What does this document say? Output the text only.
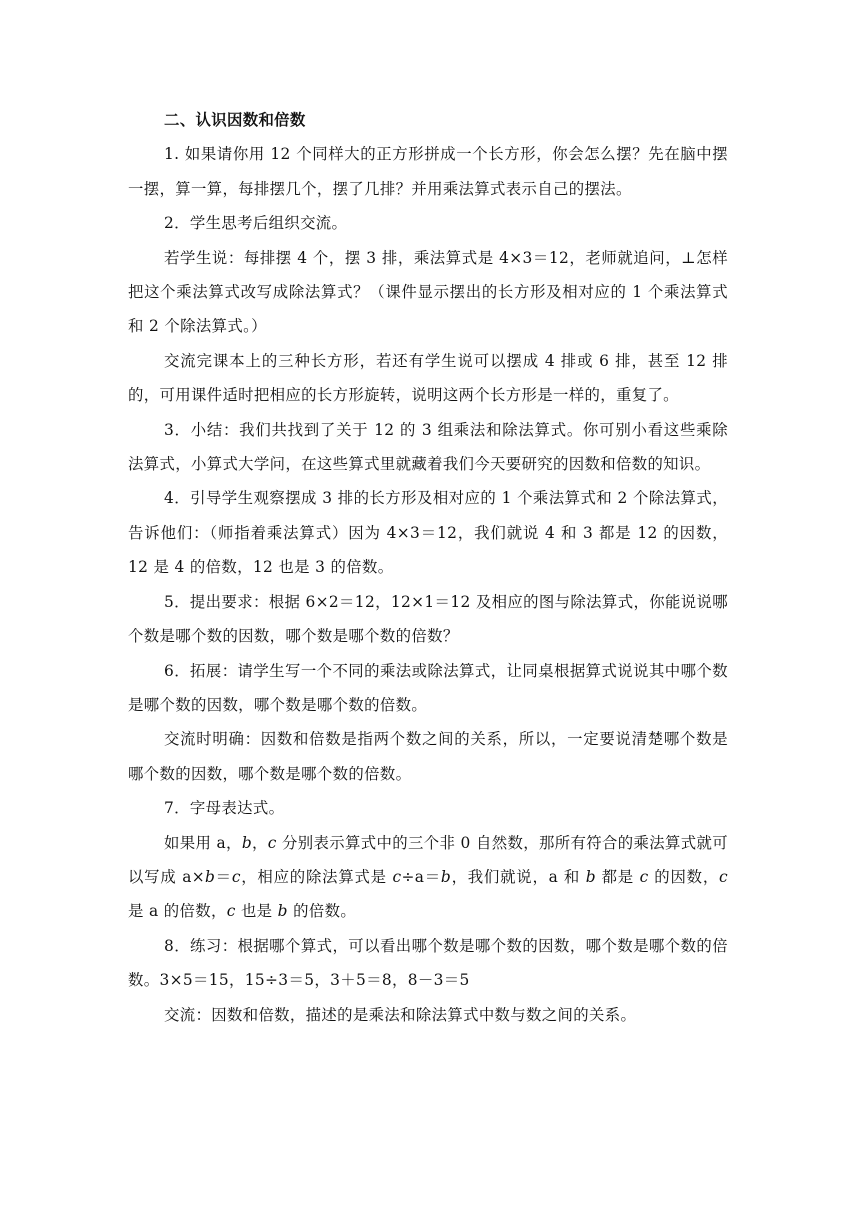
二、认识因数和倍数

1. 如果请你用 12 个同样大的正方形拼成一个长方形，你会怎么摆？先在脑中摆一摆，算一算，每排摆几个，摆了几排？并用乘法算式表示自己的摆法。

2．学生思考后组织交流。

若学生说：每排摆 4 个，摆 3 排，乘法算式是 4×3＝12，老师就追问，⊥怎样把这个乘法算式改写成除法算式？（课件显示摆出的长方形及相对应的 1 个乘法算式和 2 个除法算式。）

交流完课本上的三种长方形，若还有学生说可以摆成 4 排或 6 排，甚至 12 排的，可用课件适时把相应的长方形旋转，说明这两个长方形是一样的，重复了。

3．小结：我们共找到了关于 12 的 3 组乘法和除法算式。你可别小看这些乘除法算式，小算式大学问，在这些算式里就藏着我们今天要研究的因数和倍数的知识。

4．引导学生观察摆成 3 排的长方形及相对应的 1 个乘法算式和 2 个除法算式，告诉他们：（师指着乘法算式）因为 4×3＝12，我们就说 4 和 3 都是 12 的因数，12 是 4 的倍数，12 也是 3 的倍数。

5．提出要求：根据 6×2＝12，12×1＝12 及相应的图与除法算式，你能说说哪个数是哪个数的因数，哪个数是哪个数的倍数？

6．拓展：请学生写一个不同的乘法或除法算式，让同桌根据算式说说其中哪个数是哪个数的因数，哪个数是哪个数的倍数。

交流时明确：因数和倍数是指两个数之间的关系，所以，一定要说清楚哪个数是哪个数的因数，哪个数是哪个数的倍数。

7．字母表达式。

如果用 a，b，c 分别表示算式中的三个非 0 自然数，那所有符合的乘法算式就可以写成 a×b＝c，相应的除法算式是 c÷a＝b，我们就说，a 和 b 都是 c 的因数，c 是 a 的倍数，c 也是 b 的倍数。

8．练习：根据哪个算式，可以看出哪个数是哪个数的因数，哪个数是哪个数的倍数。3×5＝15，15÷3＝5，3＋5＝8，8－3＝5

交流：因数和倍数，描述的是乘法和除法算式中数与数之间的关系。
